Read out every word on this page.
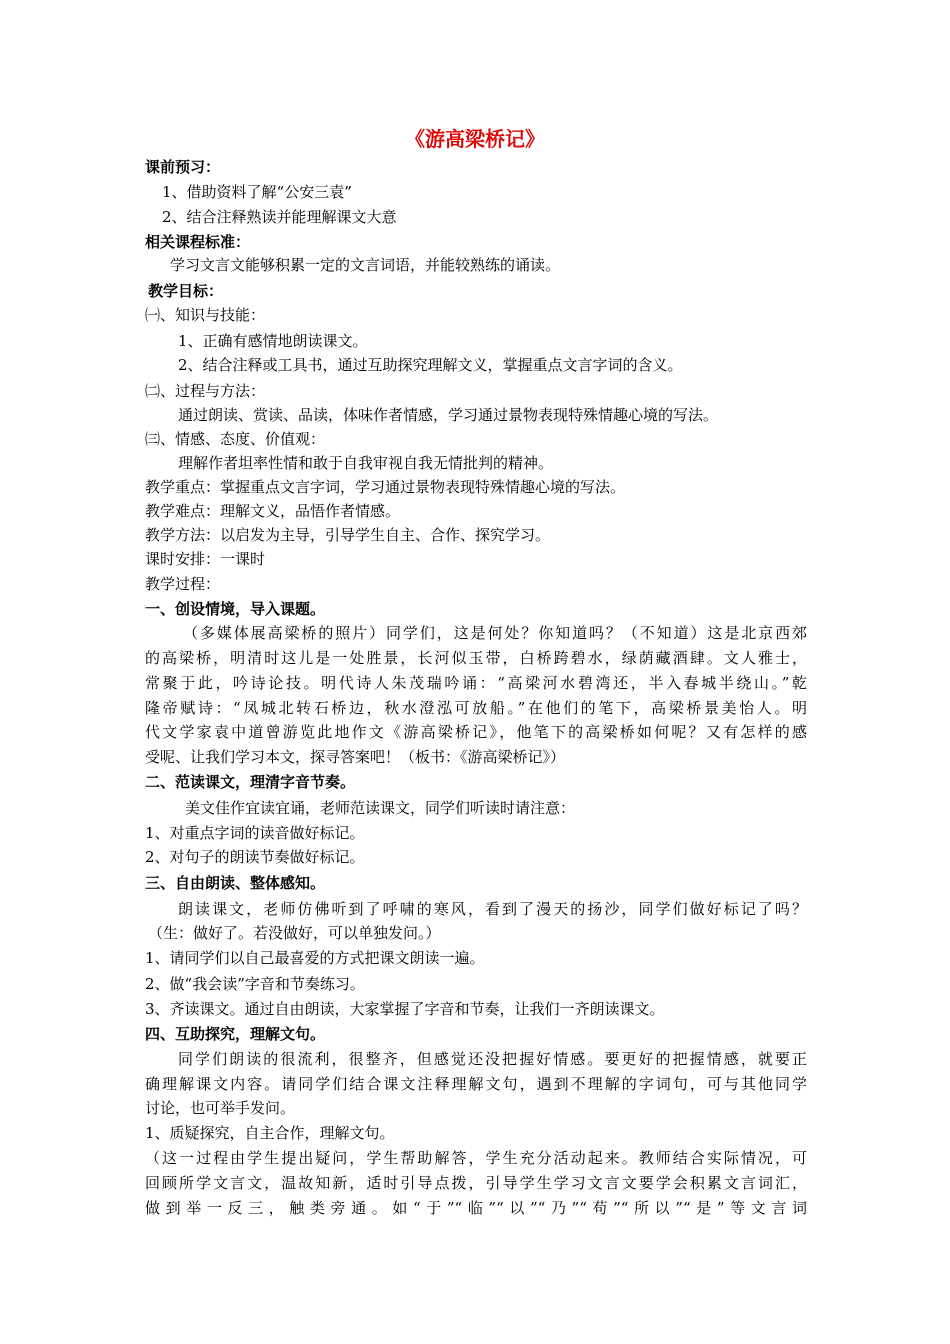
《游高梁桥记》
课前预习：
1、借助资料了解“公安三袁”
2、结合注释熟读并能理解课文大意
相关课程标准：
学习文言文能够积累一定的文言词语，并能较熟练的诵读。
教学目标：
㈠、知识与技能：
1、正确有感情地朗读课文。
2、结合注释或工具书，通过互助探究理解文义，掌握重点文言字词的含义。
㈡、过程与方法：
通过朗读、赏读、品读，体味作者情感，学习通过景物表现特殊情趣心境的写法。
㈢、情感、态度、价值观：
理解作者坦率性情和敢于自我审视自我无情批判的精神。
教学重点：掌握重点文言字词，学习通过景物表现特殊情趣心境的写法。
教学难点：理解文义，品悟作者情感。
教学方法：以启发为主导，引导学生自主、合作、探究学习。
课时安排：一课时
教学过程：
一、创设情境，导入课题。
（多媒体展高梁桥的照片）同学们，这是何处？你知道吗？（不知道）这是北京西郊
的高梁桥，明清时这儿是一处胜景，长河似玉带，白桥跨碧水，绿荫藏酒肆。文人雅士，
常聚于此，吟诗论技。明代诗人朱茂瑞吟诵：“高梁河水碧湾还，半入春城半绕山。”乾
隆帝赋诗：“凤城北转石桥边，秋水澄泓可放船。”在他们的笔下，高梁桥景美怡人。明
代文学家袁中道曾游览此地作文《游高梁桥记》，他笔下的高梁桥如何呢？又有怎样的感
受呢、让我们学习本文，探寻答案吧！（板书：《游高梁桥记》）
二、范读课文，理清字音节奏。
美文佳作宜读宜诵，老师范读课文，同学们听读时请注意：
1、对重点字词的读音做好标记。
2、对句子的朗读节奏做好标记。
三、自由朗读、整体感知。
朗读课文，老师仿佛听到了呼啸的寒风，看到了漫天的扬沙，同学们做好标记了吗？
（生：做好了。若没做好，可以单独发问。）
1、请同学们以自己最喜爱的方式把课文朗读一遍。
2、做“我会读”字音和节奏练习。
3、齐读课文。通过自由朗读，大家掌握了字音和节奏，让我们一齐朗读课文。
四、互助探究，理解文句。
同学们朗读的很流利，很整齐，但感觉还没把握好情感。要更好的把握情感，就要正
确理解课文内容。请同学们结合课文注释理解文句，遇到不理解的字词句，可与其他同学
讨论，也可举手发问。
1、质疑探究，自主合作，理解文句。
（这一过程由学生提出疑问，学生帮助解答，学生充分活动起来。教师结合实际情况，可
回顾所学文言文，温故知新，适时引导点拨，引导学生学习文言文要学会积累文言词汇，
做到举一反三，触类旁通。如“于”“临”“以”“乃”“苟”“所以”“是”等文言词
